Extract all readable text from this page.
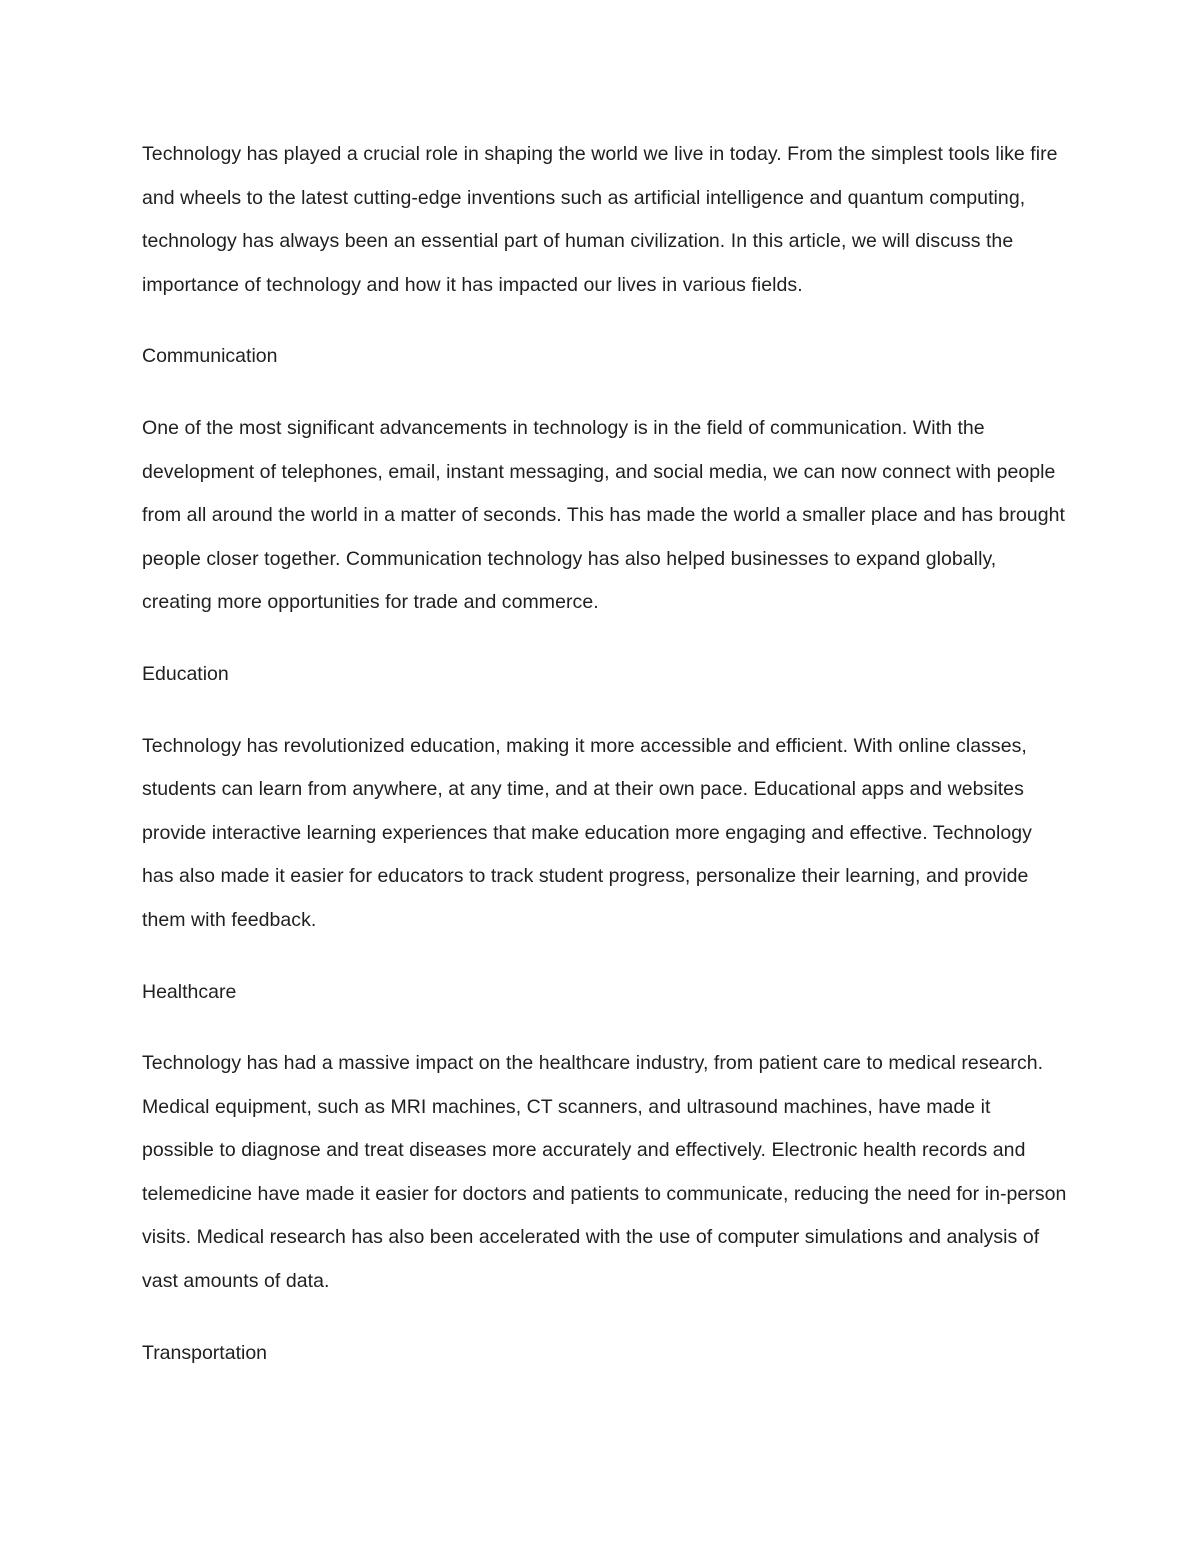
Technology has played a crucial role in shaping the world we live in today. From the simplest tools like fire and wheels to the latest cutting-edge inventions such as artificial intelligence and quantum computing, technology has always been an essential part of human civilization. In this article, we will discuss the importance of technology and how it has impacted our lives in various fields.

Communication

One of the most significant advancements in technology is in the field of communication. With the development of telephones, email, instant messaging, and social media, we can now connect with people from all around the world in a matter of seconds. This has made the world a smaller place and has brought people closer together. Communication technology has also helped businesses to expand globally, creating more opportunities for trade and commerce.

Education

Technology has revolutionized education, making it more accessible and efficient. With online classes, students can learn from anywhere, at any time, and at their own pace. Educational apps and websites provide interactive learning experiences that make education more engaging and effective. Technology has also made it easier for educators to track student progress, personalize their learning, and provide them with feedback.

Healthcare

Technology has had a massive impact on the healthcare industry, from patient care to medical research. Medical equipment, such as MRI machines, CT scanners, and ultrasound machines, have made it possible to diagnose and treat diseases more accurately and effectively. Electronic health records and telemedicine have made it easier for doctors and patients to communicate, reducing the need for in-person visits. Medical research has also been accelerated with the use of computer simulations and analysis of vast amounts of data.

Transportation
